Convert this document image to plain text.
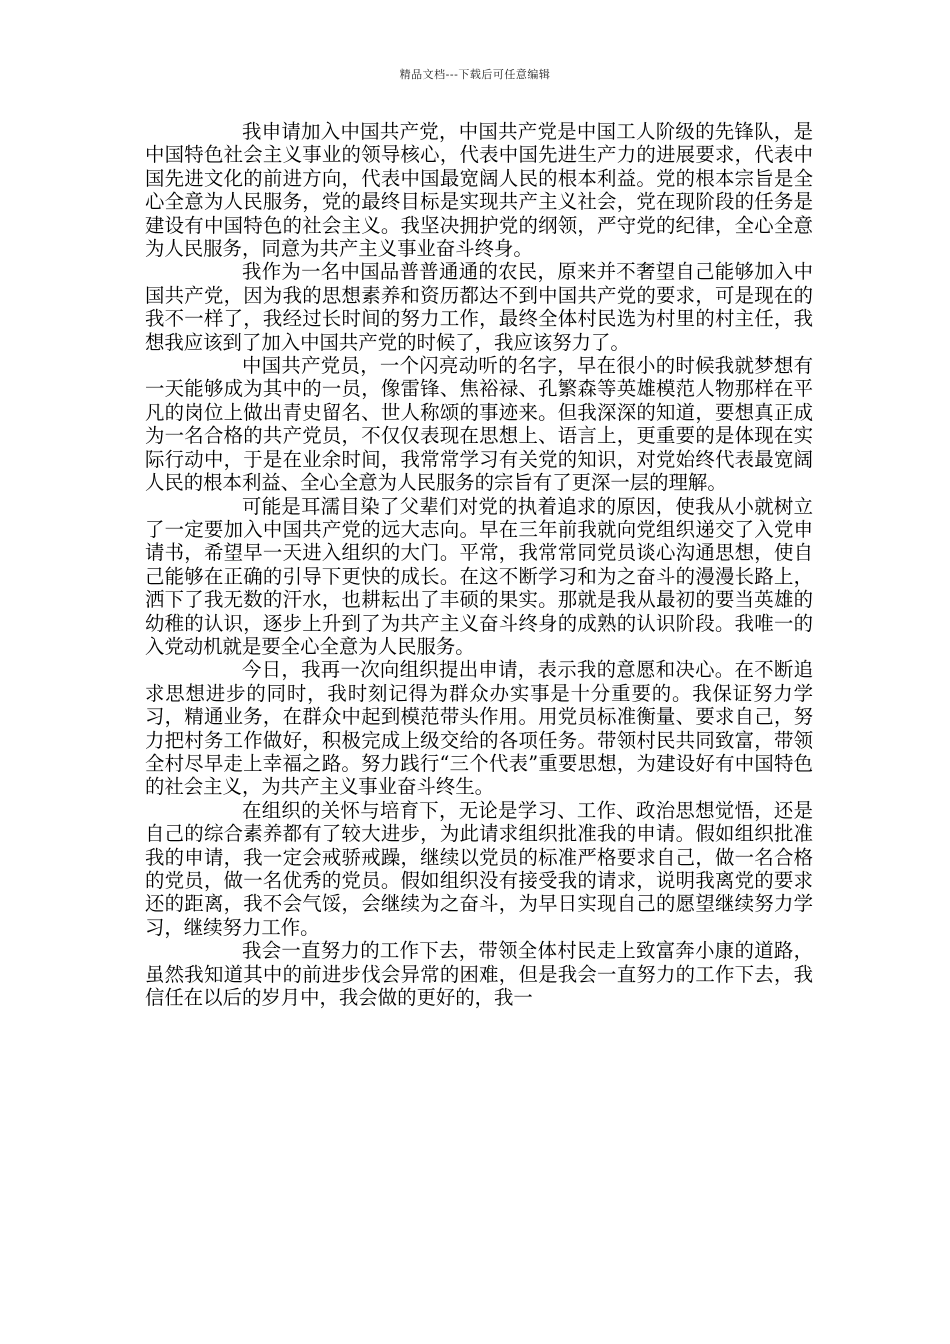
精品文档---下载后可任意编辑

我申请加入中国共产党，中国共产党是中国工人阶级的先锋队，是中国特色社会主义事业的领导核心，代表中国先进生产力的进展要求，代表中国先进文化的前进方向，代表中国最宽阔人民的根本利益。党的根本宗旨是全心全意为人民服务，党的最终目标是实现共产主义社会，党在现阶段的任务是建设有中国特色的社会主义。我坚决拥护党的纲领，严守党的纪律，全心全意为人民服务，同意为共产主义事业奋斗终身。

我作为一名中国品普普通通的农民，原来并不奢望自己能够加入中国共产党，因为我的思想素养和资历都达不到中国共产党的要求，可是现在的我不一样了，我经过长时间的努力工作，最终全体村民选为村里的村主任，我想我应该到了加入中国共产党的时候了，我应该努力了。

中国共产党员，一个闪亮动听的名字，早在很小的时候我就梦想有一天能够成为其中的一员，像雷锋、焦裕禄、孔繁森等英雄模范人物那样在平凡的岗位上做出青史留名、世人称颂的事迹来。但我深深的知道，要想真正成为一名合格的共产党员，不仅仅表现在思想上、语言上，更重要的是体现在实际行动中，于是在业余时间，我常常学习有关党的知识，对党始终代表最宽阔人民的根本利益、全心全意为人民服务的宗旨有了更深一层的理解。

可能是耳濡目染了父辈们对党的执着追求的原因，使我从小就树立了一定要加入中国共产党的远大志向。早在三年前我就向党组织递交了入党申请书，希望早一天进入组织的大门。平常，我常常同党员谈心沟通思想，使自己能够在正确的引导下更快的成长。在这不断学习和为之奋斗的漫漫长路上，洒下了我无数的汗水，也耕耘出了丰硕的果实。那就是我从最初的要当英雄的幼稚的认识，逐步上升到了为共产主义奋斗终身的成熟的认识阶段。我唯一的入党动机就是要全心全意为人民服务。

今日，我再一次向组织提出申请，表示我的意愿和决心。在不断追求思想进步的同时，我时刻记得为群众办实事是十分重要的。我保证努力学习，精通业务，在群众中起到模范带头作用。用党员标准衡量、要求自己，努力把村务工作做好，积极完成上级交给的各项任务。带领村民共同致富，带领全村尽早走上幸福之路。努力践行“三个代表”重要思想，为建设好有中国特色的社会主义，为共产主义事业奋斗终生。

在组织的关怀与培育下，无论是学习、工作、政治思想觉悟，还是自己的综合素养都有了较大进步，为此请求组织批准我的申请。假如组织批准我的申请，我一定会戒骄戒躁，继续以党员的标准严格要求自己，做一名合格的党员，做一名优秀的党员。假如组织没有接受我的请求，说明我离党的要求还的距离，我不会气馁，会继续为之奋斗，为早日实现自己的愿望继续努力学习，继续努力工作。

我会一直努力的工作下去，带领全体村民走上致富奔小康的道路，虽然我知道其中的前进步伐会异常的困难，但是我会一直努力的工作下去，我信任在以后的岁月中，我会做的更好的，我一
